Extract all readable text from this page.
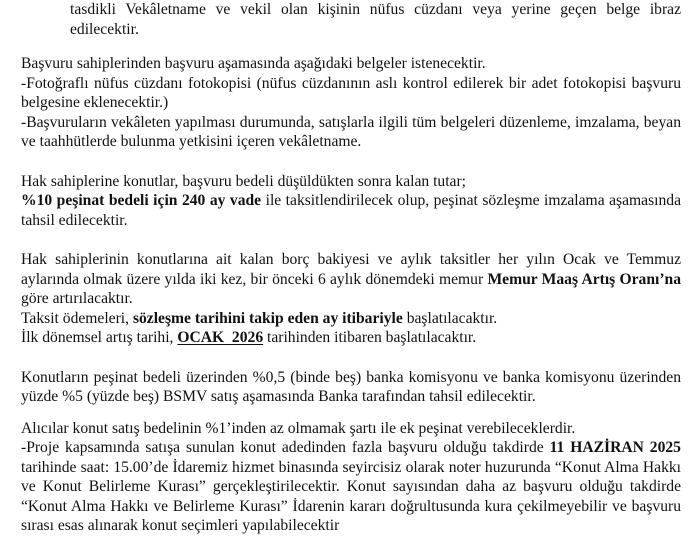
tasdikli Vekâletname ve vekil olan kişinin nüfus cüzdanı veya yerine geçen belge ibraz

edilecektir.

Başvuru sahiplerinden başvuru aşamasında aşağıdaki belgeler istenecektir.

-Fotoğraflı nüfus cüzdanı fotokopisi (nüfus cüzdanının aslı kontrol edilerek bir adet fotokopisi başvuru belgesine eklenecektir.)

-Başvuruların vekâleten yapılması durumunda, satışlarla ilgili tüm belgeleri düzenleme, imzalama, beyan ve taahhütlerde bulunma yetkisini içeren vekâletname.

Hak sahiplerine konutlar, başvuru bedeli düşüldükten sonra kalan tutar;

%10 peşinat bedeli için 240 ay vade ile taksitlendirilecek olup, peşinat sözleşme imzalama aşamasında tahsil edilecektir.

Hak sahiplerinin konutlarına ait kalan borç bakiyesi ve aylık taksitler her yılın Ocak ve Temmuz aylarında olmak üzere yılda iki kez, bir önceki 6 aylık dönemdeki memur Memur Maaş Artış Oranı’na göre artırılacaktır.

Taksit ödemeleri, sözleşme tarihini takip eden ay itibariyle başlatılacaktır.

İlk dönemsel artış tarihi, OCAK  2026 tarihinden itibaren başlatılacaktır.

Konutların peşinat bedeli üzerinden %0,5 (binde beş) banka komisyonu ve banka komisyonu üzerinden yüzde %5 (yüzde beş) BSMV satış aşamasında Banka tarafından tahsil edilecektir.

Alıcılar konut satış bedelinin %1’inden az olmamak şartı ile ek peşinat verebileceklerdir.

-Proje kapsamında satışa sunulan konut adedinden fazla başvuru olduğu takdirde 11 HAZİRAN 2025 tarihinde saat: 15.00’de İdaremiz hizmet binasında seyircisiz olarak noter huzurunda “Konut Alma Hakkı ve Konut Belirleme Kurası” gerçekleştirilecektir. Konut sayısından daha az başvuru olduğu takdirde “Konut Alma Hakkı ve Belirleme Kurası” İdarenin kararı doğrultusunda kura çekilmeyebilir ve başvuru sırası esas alınarak konut seçimleri yapılabilecektir
